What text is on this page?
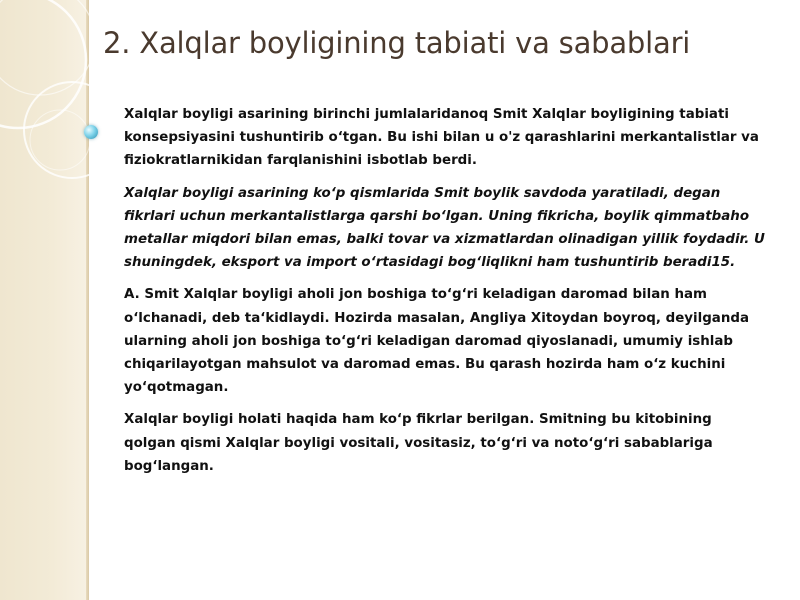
2. Xalqlar boyligining tabiati va sabablari

Xalqlar boyligi asarining birinchi jumlalaridanoq Smit Xalqlar boyligining tabiati konsepsiyasini tushuntirib o‘tgan. Bu ishi bilan u o'z qarashlarini merkantalistlar va fiziokratlarnikidan farqlanishini isbotlab berdi.

Xalqlar boyligi asarining ko‘p qismlarida Smit boylik savdoda yaratiladi, degan fikrlari uchun merkantalistlarga qarshi bo‘lgan. Uning fikricha, boylik qimmatbaho metallar miqdori bilan emas, balki tovar va xizmatlardan olinadigan yillik foydadir. U shuningdek, eksport va import o‘rtasidagi bog‘liqlikni ham tushuntirib beradi15.

A. Smit Xalqlar boyligi aholi jon boshiga to‘g‘ri keladigan daromad bilan ham o‘lchanadi, deb ta‘kidlaydi. Hozirda masalan, Angliya Xitoydan boyroq, deyilganda ularning aholi jon boshiga to‘g‘ri keladigan daromad qiyoslanadi, umumiy ishlab chiqarilayotgan mahsulot va daromad emas. Bu qarash hozirda ham o‘z kuchini yo‘qotmagan.

Xalqlar boyligi holati haqida ham ko‘p fikrlar berilgan. Smitning bu kitobining qolgan qismi Xalqlar boyligi vositali, vositasiz, to‘g‘ri va noto‘g‘ri sabablariga bog‘langan.
